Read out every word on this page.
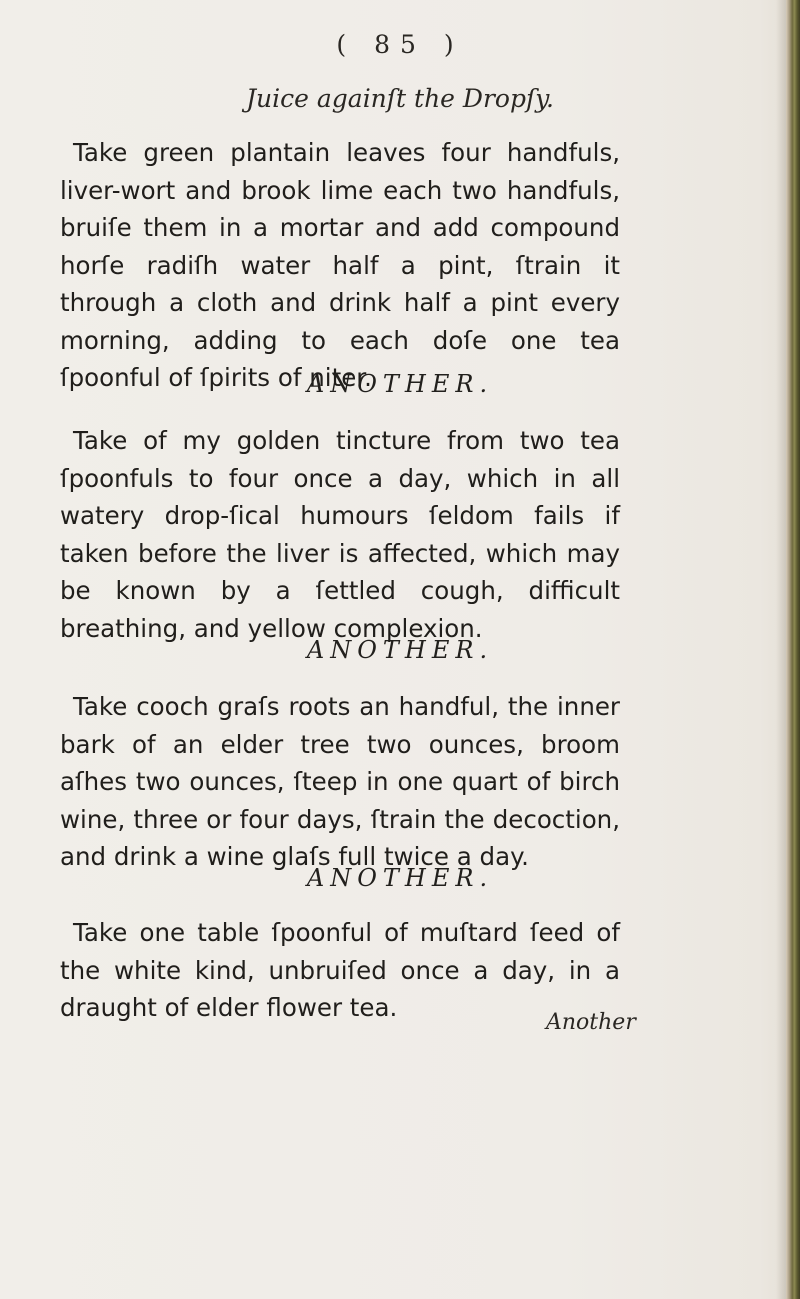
( 85 )
Juice againſt the Dropſy.

Take green plantain leaves four handfuls, liver-wort and brook lime each two handfuls, bruiſe them in a mortar and add compound horſe radiſh water half a pint, ſtrain it through a cloth and drink half a pint every morning, adding to each doſe one tea ſpoonful of ſpirits of niter.

ANOTHER.

Take of my golden tincture from two tea ſpoonfuls to four once a day, which in all watery drop-ſical humours ſeldom fails if taken before the liver is affected, which may be known by a ſettled cough, difficult breathing, and yellow complexion.

ANOTHER.

Take cooch graſs roots an handful, the inner bark of an elder tree two ounces, broom aſhes two ounces, ſteep in one quart of birch wine, three or four days, ſtrain the decoction, and drink a wine glaſs full twice a day.

ANOTHER.

Take one table ſpoonful of muſtard ſeed of the white kind, unbruiſed once a day, in a draught of elder flower tea.

Another
